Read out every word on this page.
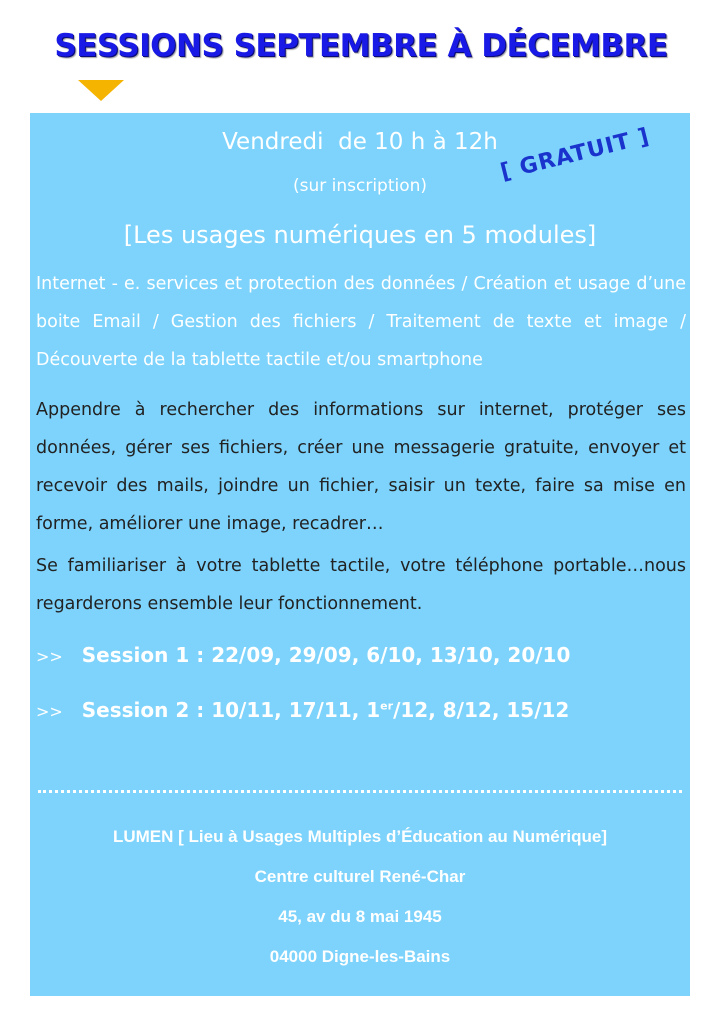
SESSIONS SEPTEMBRE À DÉCEMBRE
Vendredi  de 10 h à 12h
(sur inscription)
[ GRATUIT ]
[Les usages numériques en 5 modules]
Internet - e. services et protection des données / Création et usage d’une boite Email / Gestion des fichiers / Traitement de texte et image / Découverte de la tablette tactile et/ou smartphone
Appendre à rechercher des informations sur internet, protéger ses données, gérer ses fichiers, créer une messagerie gratuite, envoyer et recevoir des mails, joindre un fichier, saisir un texte, faire sa mise en forme, améliorer une image, recadrer…
Se familiariser à votre tablette tactile, votre téléphone portable…nous regarderons ensemble leur fonctionnement.
>> Session 1 : 22/09, 29/09, 6/10, 13/10, 20/10
>> Session 2 : 10/11, 17/11, 1er/12, 8/12, 15/12
LUMEN [ Lieu à Usages Multiples d’Éducation au Numérique]
Centre culturel René-Char
45, av du 8 mai 1945
04000 Digne-les-Bains
